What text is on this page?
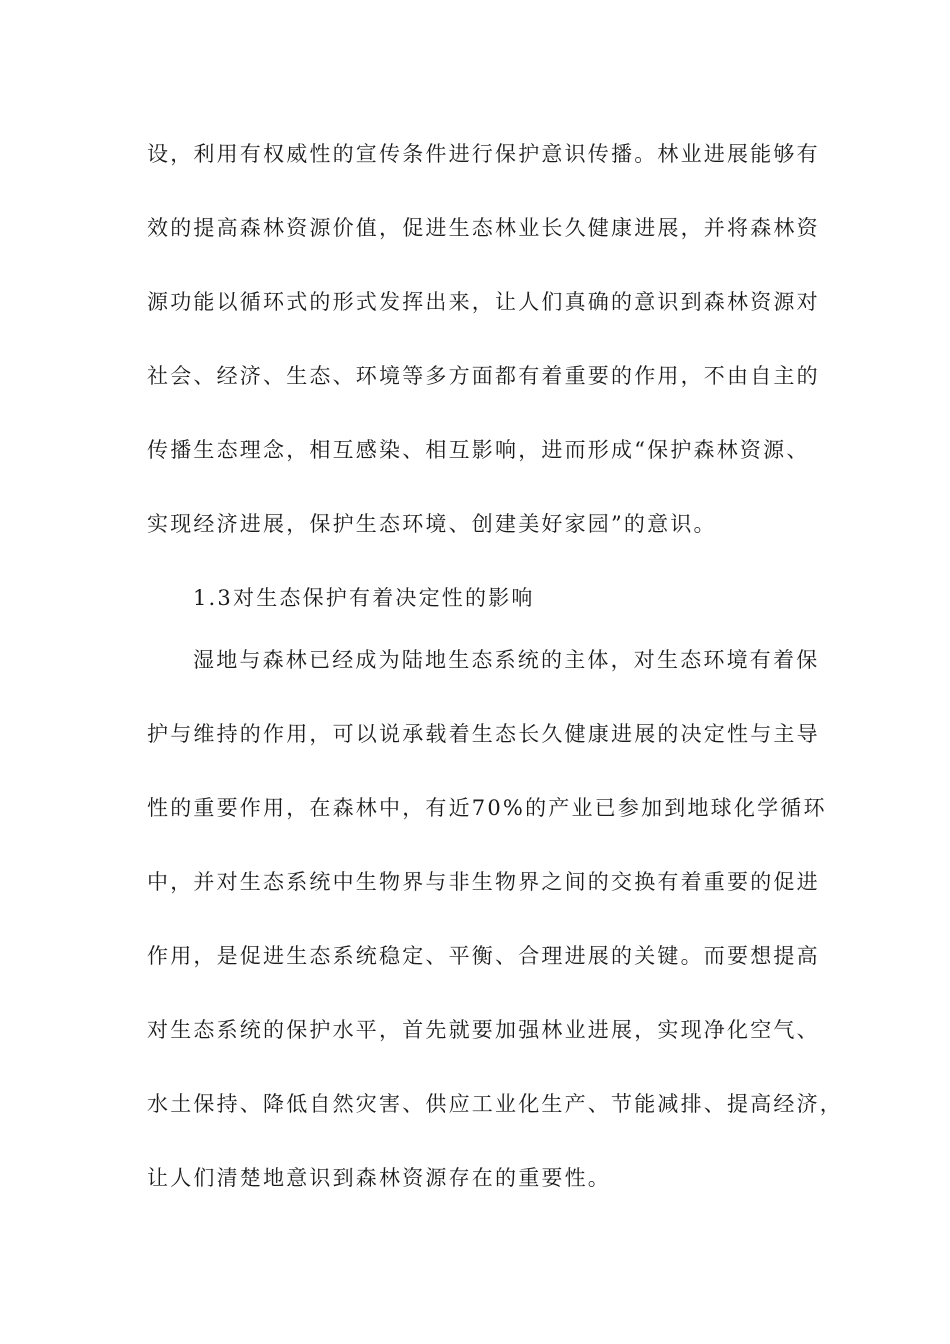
设，利用有权威性的宣传条件进行保护意识传播。林业进展能够有
效的提高森林资源价值，促进生态林业长久健康进展，并将森林资
源功能以循环式的形式发挥出来，让人们真确的意识到森林资源对
社会、经济、生态、环境等多方面都有着重要的作用，不由自主的
传播生态理念，相互感染、相互影响，进而形成“保护森林资源、
实现经济进展，保护生态环境、创建美好家园”的意识。
1.3对生态保护有着决定性的影响
湿地与森林已经成为陆地生态系统的主体，对生态环境有着保
护与维持的作用，可以说承载着生态长久健康进展的决定性与主导
性的重要作用，在森林中，有近70%的产业已参加到地球化学循环
中，并对生态系统中生物界与非生物界之间的交换有着重要的促进
作用，是促进生态系统稳定、平衡、合理进展的关键。而要想提高
对生态系统的保护水平，首先就要加强林业进展，实现净化空气、
水土保持、降低自然灾害、供应工业化生产、节能减排、提高经济，
让人们清楚地意识到森林资源存在的重要性。
